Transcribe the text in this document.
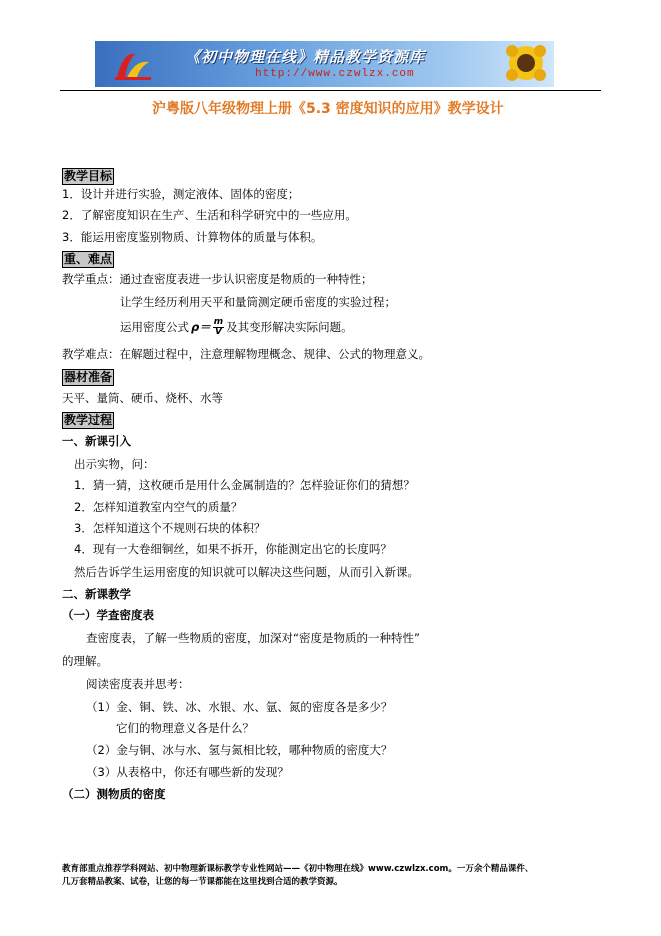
《初中物理在线》精品教学资源库
http://www.czwlzx.com
沪粤版八年级物理上册《5.3 密度知识的应用》教学设计
教学目标
1．设计并进行实验，测定液体、固体的密度；
2．了解密度知识在生产、生活和科学研究中的一些应用。
3．能运用密度鉴别物质、计算物体的质量与体积。
重、难点
教学重点：通过查密度表进一步认识密度是物质的一种特性；
让学生经历利用天平和量筒测定硬币密度的实验过程；
运用密度公式 $\rho= \frac{m}{V}$ 及其变形解决实际问题。
教学难点：在解题过程中，注意理解物理概念、规律、公式的物理意义。
器材准备
天平、量筒、硬币、烧杯、水等
教学过程
一、新课引入
出示实物，问：
1．猜一猜，这枚硬币是用什么金属制造的？怎样验证你们的猜想？
2．怎样知道教室内空气的质量？
3．怎样知道这个不规则石块的体积？
4．现有一大卷细铜丝，如果不拆开，你能测定出它的长度吗？
然后告诉学生运用密度的知识就可以解决这些问题，从而引入新课。
二、新课教学
（一）学查密度表
查密度表，了解一些物质的密度，加深对“密度是物质的一种特性”
的理解。
阅读密度表并思考：
（1）金、铜、铁、冰、水银、水、氩、氮的密度各是多少？
它们的物理意义各是什么？
（2）金与铜、冰与水、氢与氮相比较，哪种物质的密度大？
（3）从表格中，你还有哪些新的发现？
（二）测物质的密度
教育部重点推荐学科网站、初中物理新课标教学专业性网站——《初中物理在线》www.czwlzx.com。一万余个精品课件、
几万套精品教案、试卷，让您的每一节课都能在这里找到合适的教学资源。
